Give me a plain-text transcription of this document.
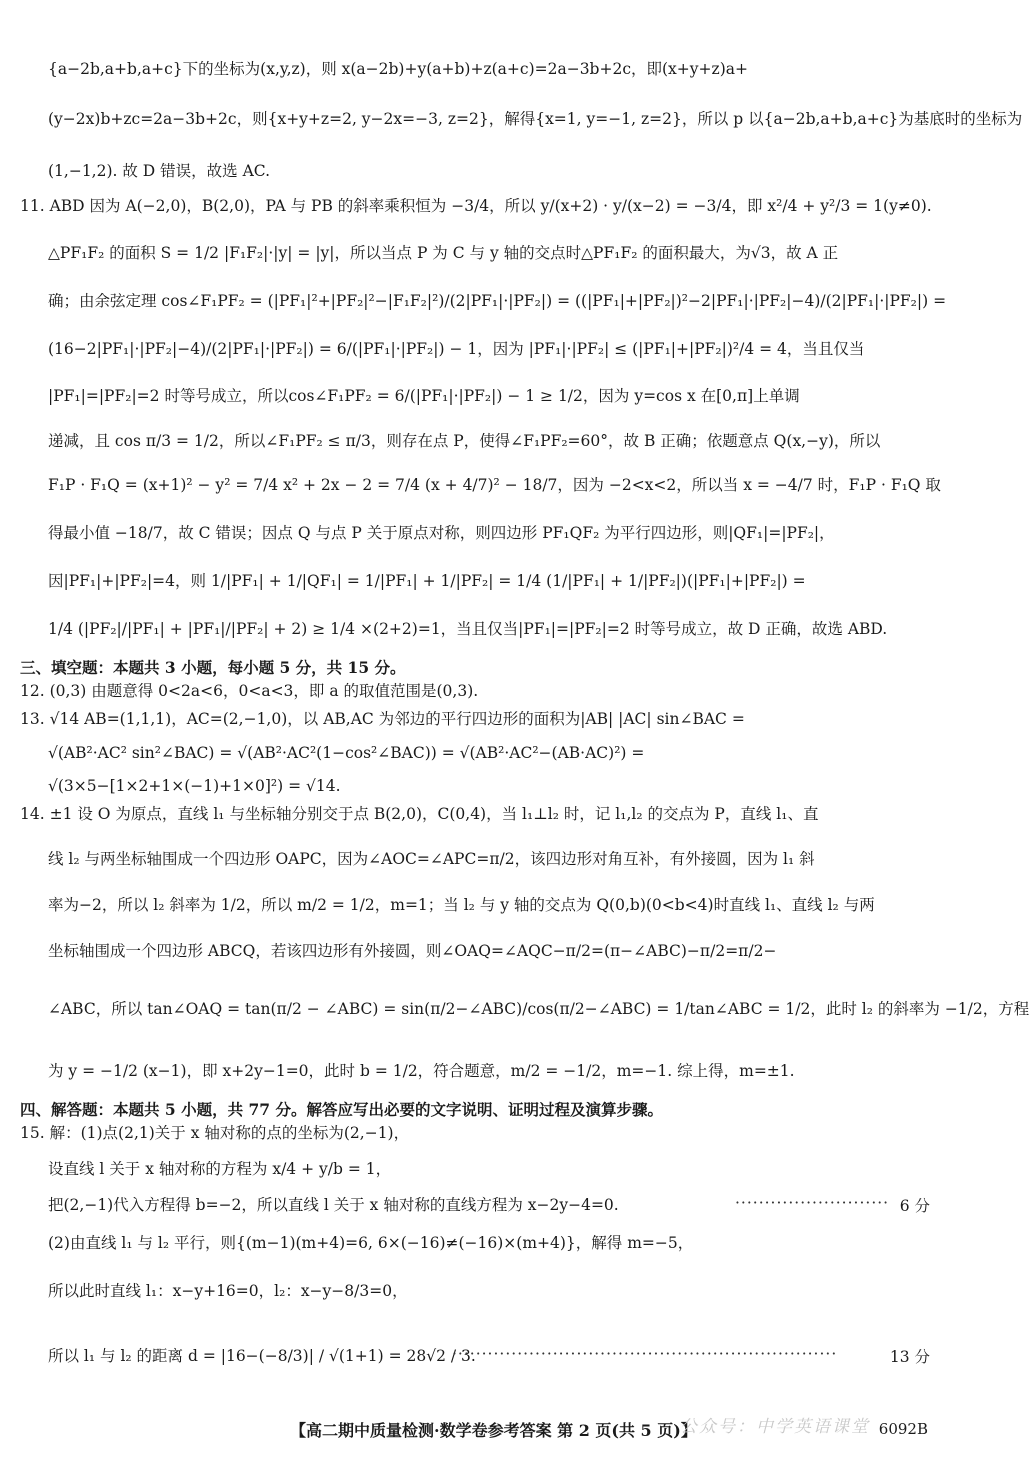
{a−2b,a+b,a+c}下的坐标为(x,y,z)，则 x(a−2b)+y(a+b)+z(a+c)=2a−3b+2c，即(x+y+z)a+
(y−2x)b+zc=2a−3b+2c，则{x+y+z=2, y−2x=−3, z=2}，解得{x=1, y=−1, z=2}，所以 p 以{a−2b,a+b,a+c}为基底时的坐标为
(1,−1,2). 故 D 错误，故选 AC.
11. ABD 因为 A(−2,0)，B(2,0)，PA 与 PB 的斜率乘积恒为 −3/4，所以 y/(x+2) · y/(x−2) = −3/4，即 x²/4 + y²/3 = 1(y≠0).
△PF₁F₂ 的面积 S = 1/2 |F₁F₂|·|y| = |y|，所以当点 P 为 C 与 y 轴的交点时△PF₁F₂ 的面积最大，为√3，故 A 正
确；由余弦定理 cos∠F₁PF₂ = (|PF₁|²+|PF₂|²−|F₁F₂|²)/(2|PF₁|·|PF₂|) = ((|PF₁|+|PF₂|)²−2|PF₁|·|PF₂|−4)/(2|PF₁|·|PF₂|) =
(16−2|PF₁|·|PF₂|−4)/(2|PF₁|·|PF₂|) = 6/(|PF₁|·|PF₂|) − 1，因为 |PF₁|·|PF₂| ≤ (|PF₁|+|PF₂|)²/4 = 4，当且仅当
|PF₁|=|PF₂|=2 时等号成立，所以cos∠F₁PF₂ = 6/(|PF₁|·|PF₂|) − 1 ≥ 1/2，因为 y=cos x 在[0,π]上单调
递减，且 cos π/3 = 1/2，所以∠F₁PF₂ ≤ π/3，则存在点 P，使得∠F₁PF₂=60°，故 B 正确；依题意点 Q(x,−y)，所以
F₁P · F₁Q = (x+1)² − y² = 7/4 x² + 2x − 2 = 7/4 (x + 4/7)² − 18/7，因为 −2<x<2，所以当 x = −4/7 时，F₁P · F₁Q 取
得最小值 −18/7，故 C 错误；因点 Q 与点 P 关于原点对称，则四边形 PF₁QF₂ 为平行四边形，则|QF₁|=|PF₂|，
因|PF₁|+|PF₂|=4，则 1/|PF₁| + 1/|QF₁| = 1/|PF₁| + 1/|PF₂| = 1/4 (1/|PF₁| + 1/|PF₂|)(|PF₁|+|PF₂|) =
1/4 (|PF₂|/|PF₁| + |PF₁|/|PF₂| + 2) ≥ 1/4 ×(2+2)=1，当且仅当|PF₁|=|PF₂|=2 时等号成立，故 D 正确，故选 ABD.
三、填空题：本题共 3 小题，每小题 5 分，共 15 分。
12. (0,3) 由题意得 0<2a<6，0<a<3，即 a 的取值范围是(0,3).
13. √14 AB=(1,1,1)，AC=(2,−1,0)，以 AB,AC 为邻边的平行四边形的面积为|AB| |AC| sin∠BAC =
√(AB²·AC² sin²∠BAC) = √(AB²·AC²(1−cos²∠BAC)) = √(AB²·AC²−(AB·AC)²) =
√(3×5−[1×2+1×(−1)+1×0]²) = √14.
14. ±1 设 O 为原点，直线 l₁ 与坐标轴分别交于点 B(2,0)，C(0,4)，当 l₁⊥l₂ 时，记 l₁,l₂ 的交点为 P，直线 l₁、直
线 l₂ 与两坐标轴围成一个四边形 OAPC，因为∠AOC=∠APC=π/2，该四边形对角互补，有外接圆，因为 l₁ 斜
率为−2，所以 l₂ 斜率为 1/2，所以 m/2 = 1/2，m=1；当 l₂ 与 y 轴的交点为 Q(0,b)(0<b<4)时直线 l₁、直线 l₂ 与两
坐标轴围成一个四边形 ABCQ，若该四边形有外接圆，则∠OAQ=∠AQC−π/2=(π−∠ABC)−π/2=π/2−
∠ABC，所以 tan∠OAQ = tan(π/2 − ∠ABC) = sin(π/2−∠ABC)/cos(π/2−∠ABC) = 1/tan∠ABC = 1/2，此时 l₂ 的斜率为 −1/2，方程
为 y = −1/2 (x−1)，即 x+2y−1=0，此时 b = 1/2，符合题意，m/2 = −1/2，m=−1. 综上得，m=±1.
四、解答题：本题共 5 小题，共 77 分。解答应写出必要的文字说明、证明过程及演算步骤。
15. 解：(1)点(2,1)关于 x 轴对称的点的坐标为(2,−1)，
设直线 l 关于 x 轴对称的方程为 x/4 + y/b = 1，
把(2,−1)代入方程得 b=−2，所以直线 l 关于 x 轴对称的直线方程为 x−2y−4=0.	·························· 6 分
(2)由直线 l₁ 与 l₂ 平行，则{(m−1)(m+4)=6, 6×(−16)≠(−16)×(m+4)}，解得 m=−5，
所以此时直线 l₁：x−y+16=0，l₂：x−y−8/3=0，
所以 l₁ 与 l₂ 的距离 d = |16−(−8/3)| / √(1+1) = 28√2 / 3.
·································································	13 分
【高二期中质量检测·数学卷参考答案 第 2 页(共 5 页)】
公众号：中学英语课堂 6092B
